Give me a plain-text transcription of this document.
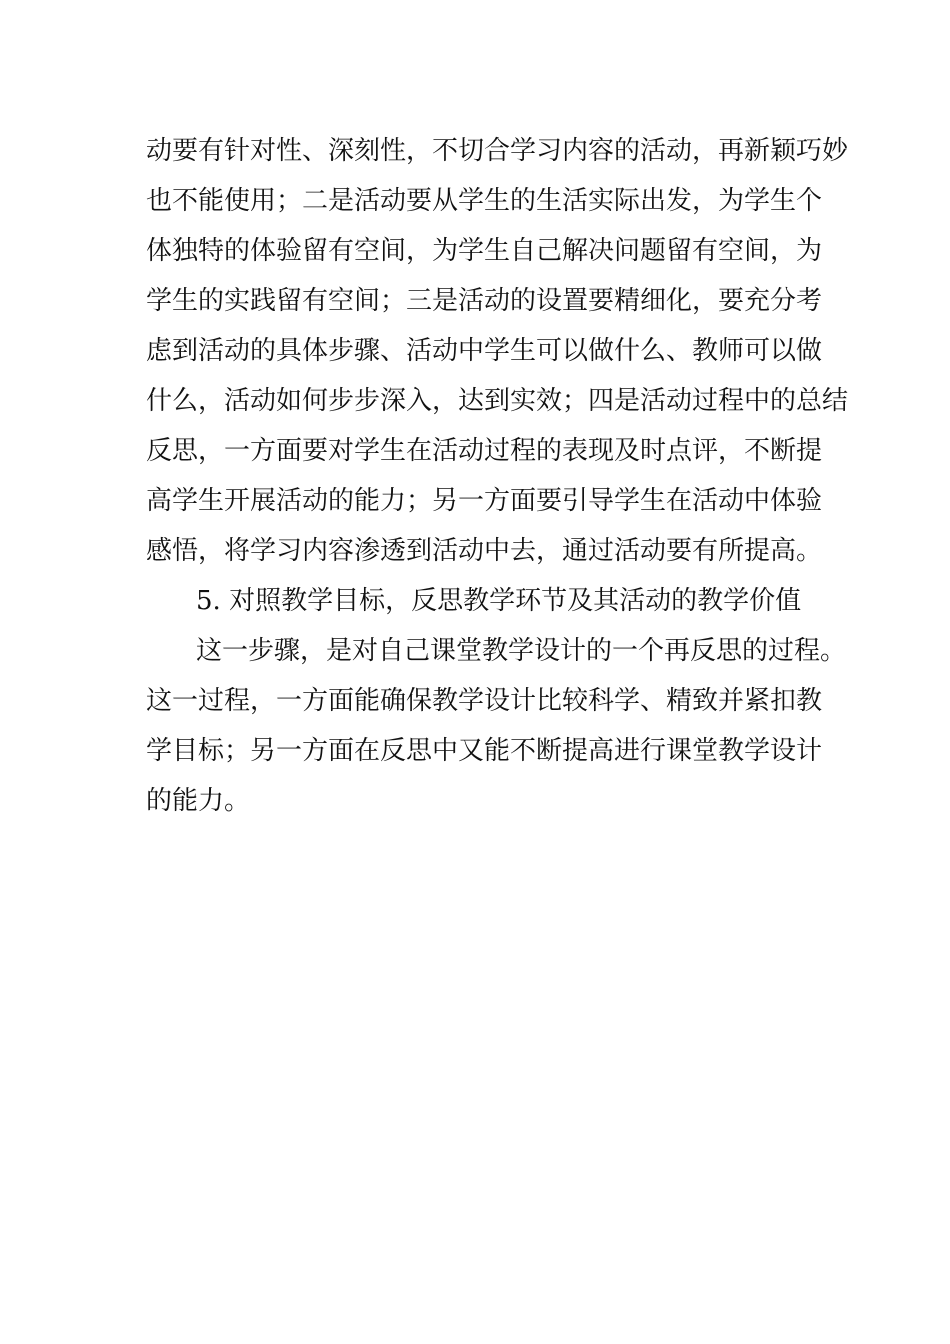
动要有针对性、深刻性，不切合学习内容的活动，再新颖巧妙
也不能使用；二是活动要从学生的生活实际出发，为学生个
体独特的体验留有空间，为学生自己解决问题留有空间，为
学生的实践留有空间；三是活动的设置要精细化，要充分考
虑到活动的具体步骤、活动中学生可以做什么、教师可以做
什么，活动如何步步深入，达到实效；四是活动过程中的总结
反思，一方面要对学生在活动过程的表现及时点评，不断提
高学生开展活动的能力；另一方面要引导学生在活动中体验
感悟，将学习内容渗透到活动中去，通过活动要有所提高。
5. 对照教学目标，反思教学环节及其活动的教学价值
这一步骤，是对自己课堂教学设计的一个再反思的过程。
这一过程，一方面能确保教学设计比较科学、精致并紧扣教
学目标；另一方面在反思中又能不断提高进行课堂教学设计
的能力。
